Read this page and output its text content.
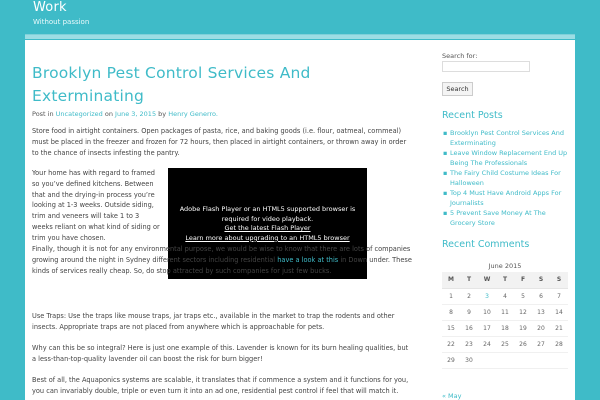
Work
Without passion
Brooklyn Pest Control Services And Exterminating
Post in Uncategorized on June 3, 2015 by Henry Generro.
Store food in airtight containers. Open packages of pasta, rice, and baking goods (i.e. flour, oatmeal, cornmeal) must be placed in the freezer and frozen for 72 hours, then placed in airtight containers, or thrown away in order to the chance of insects infesting the pantry.
Your home has with regard to framed so you’ve defined kitchens. Between that and the drying-in process you’re looking at 1-3 weeks. Outside siding, trim and veneers will take 1 to 3 weeks reliant on what kind of siding or trim you have chosen.
Adobe Flash Player or an HTML5 supported browser is required for video playback.
Get the latest Flash Player
Learn more about upgrading to an HTML5 browser
Finally, though it is not for any environmental purpose, we would be wise to know that there are lots of companies growing around the night in Sydney different sectors including residential have a look at this in Down under. These kinds of services really cheap. So, do stop attracted by such companies for just few bucks.
Use Traps: Use the traps like mouse traps, jar traps etc., available in the market to trap the rodents and other insects. Appropriate traps are not placed from anywhere which is approachable for pets.
Why can this be so integral? Here is just one example of this. Lavender is known for its burn healing qualities, but a less-than-top-quality lavender oil can boost the risk for burn bigger!
Best of all, the Aquaponics systems are scalable, it translates that if commence a system and it functions for you, you can invariably double, triple or even turn it into an ad one, residential pest control if feel that will match it.
Search for:
Search
Recent Posts
▪ Brooklyn Pest Control Services And Exterminating
▪ Leave Window Replacement End Up Being The Professionals
▪ The Fairy Child Costume Ideas For Halloween
▪ Top 4 Must Have Android Apps For Journalists
▪ 5 Prevent Save Money At The Grocery Store
Recent Comments
June 2015
M	T	W	T	F	S	S
1	2	3	4	5	6	7
8	9	10	11	12	13	14
15	16	17	18	19	20	21
22	23	24	25	26	27	28
29	30					
« May
